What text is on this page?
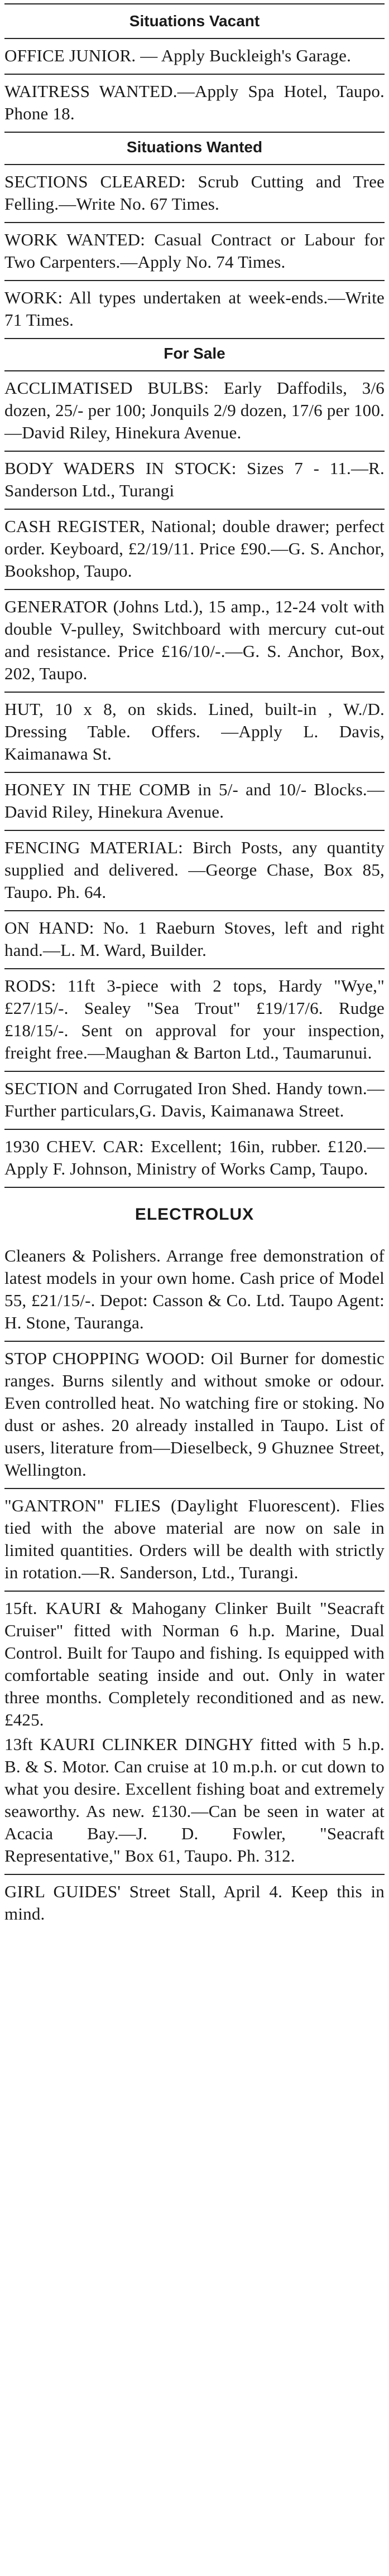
Situations Vacant

OFFICE JUNIOR. — Apply Buckleigh's Garage.

WAITRESS WANTED.—Apply Spa Hotel, Taupo. Phone 18.

Situations Wanted

SECTIONS CLEARED: Scrub Cutting and Tree Felling.—Write No. 67 Times.

WORK WANTED: Casual Contract or Labour for Two Carpenters.—Apply No. 74 Times.

WORK: All types undertaken at week-ends.—Write 71 Times.

For Sale

ACCLIMATISED BULBS: Early Daffodils, 3/6 dozen, 25/- per 100; Jonquils 2/9 dozen, 17/6 per 100.—David Riley, Hinekura Avenue.

BODY WADERS IN STOCK: Sizes 7 - 11.—R. Sanderson Ltd., Turangi

CASH REGISTER, National; double drawer; perfect order. Keyboard, £2/19/11. Price £90.—G. S. Anchor, Bookshop, Taupo.

GENERATOR (Johns Ltd.), 15 amp., 12-24 volt with double V-pulley, Switchboard with mercury cut-out and resistance. Price £16/10/-.—G. S. Anchor, Box, 202, Taupo.

HUT, 10 x 8, on skids. Lined, built-in , W./D. Dressing Table. Offers. —Apply L. Davis, Kaimanawa St.

HONEY IN THE COMB in 5/- and 10/- Blocks.—David Riley, Hinekura Avenue.

FENCING MATERIAL: Birch Posts, any quantity supplied and delivered. —George Chase, Box 85, Taupo. Ph. 64.

ON HAND: No. 1 Raeburn Stoves, left and right hand.—L. M. Ward, Builder.

RODS: 11ft 3-piece with 2 tops, Hardy "Wye," £27/15/-. Sealey "Sea Trout" £19/17/6. Rudge £18/15/-. Sent on approval for your inspection, freight free.—Maughan & Barton Ltd., Taumarunui.

SECTION and Corrugated Iron Shed. Handy town.—Further particulars,G. Davis, Kaimanawa Street.

1930 CHEV. CAR: Excellent; 16in, rubber. £120.—Apply F. Johnson, Ministry of Works Camp, Taupo.

ELECTROLUX

Cleaners & Polishers. Arrange free demonstration of latest models in your own home. Cash price of Model 55, £21/15/-. Depot: Casson & Co. Ltd. Taupo Agent: H. Stone, Tauranga.

STOP CHOPPING WOOD: Oil Burner for domestic ranges. Burns silently and without smoke or odour. Even controlled heat. No watching fire or stoking. No dust or ashes. 20 already installed in Taupo. List of users, literature from—Dieselbeck, 9 Ghuznee Street, Wellington.

"GANTRON" FLIES (Daylight Fluorescent). Flies tied with the above material are now on sale in limited quantities. Orders will be dealth with strictly in rotation.—R. Sanderson, Ltd., Turangi.

15ft. KAURI & Mahogany Clinker Built "Seacraft Cruiser" fitted with Norman 6 h.p. Marine, Dual Control. Built for Taupo and fishing. Is equipped with comfortable seating inside and out. Only in water three months. Completely reconditioned and as new. £425.

13ft KAURI CLINKER DINGHY fitted with 5 h.p. B. & S. Motor. Can cruise at 10 m.p.h. or cut down to what you desire. Excellent fishing boat and extremely seaworthy. As new. £130.—Can be seen in water at Acacia Bay.—J. D. Fowler, "Seacraft Representative," Box 61, Taupo. Ph. 312.

GIRL GUIDES' Street Stall, April 4. Keep this in mind.
